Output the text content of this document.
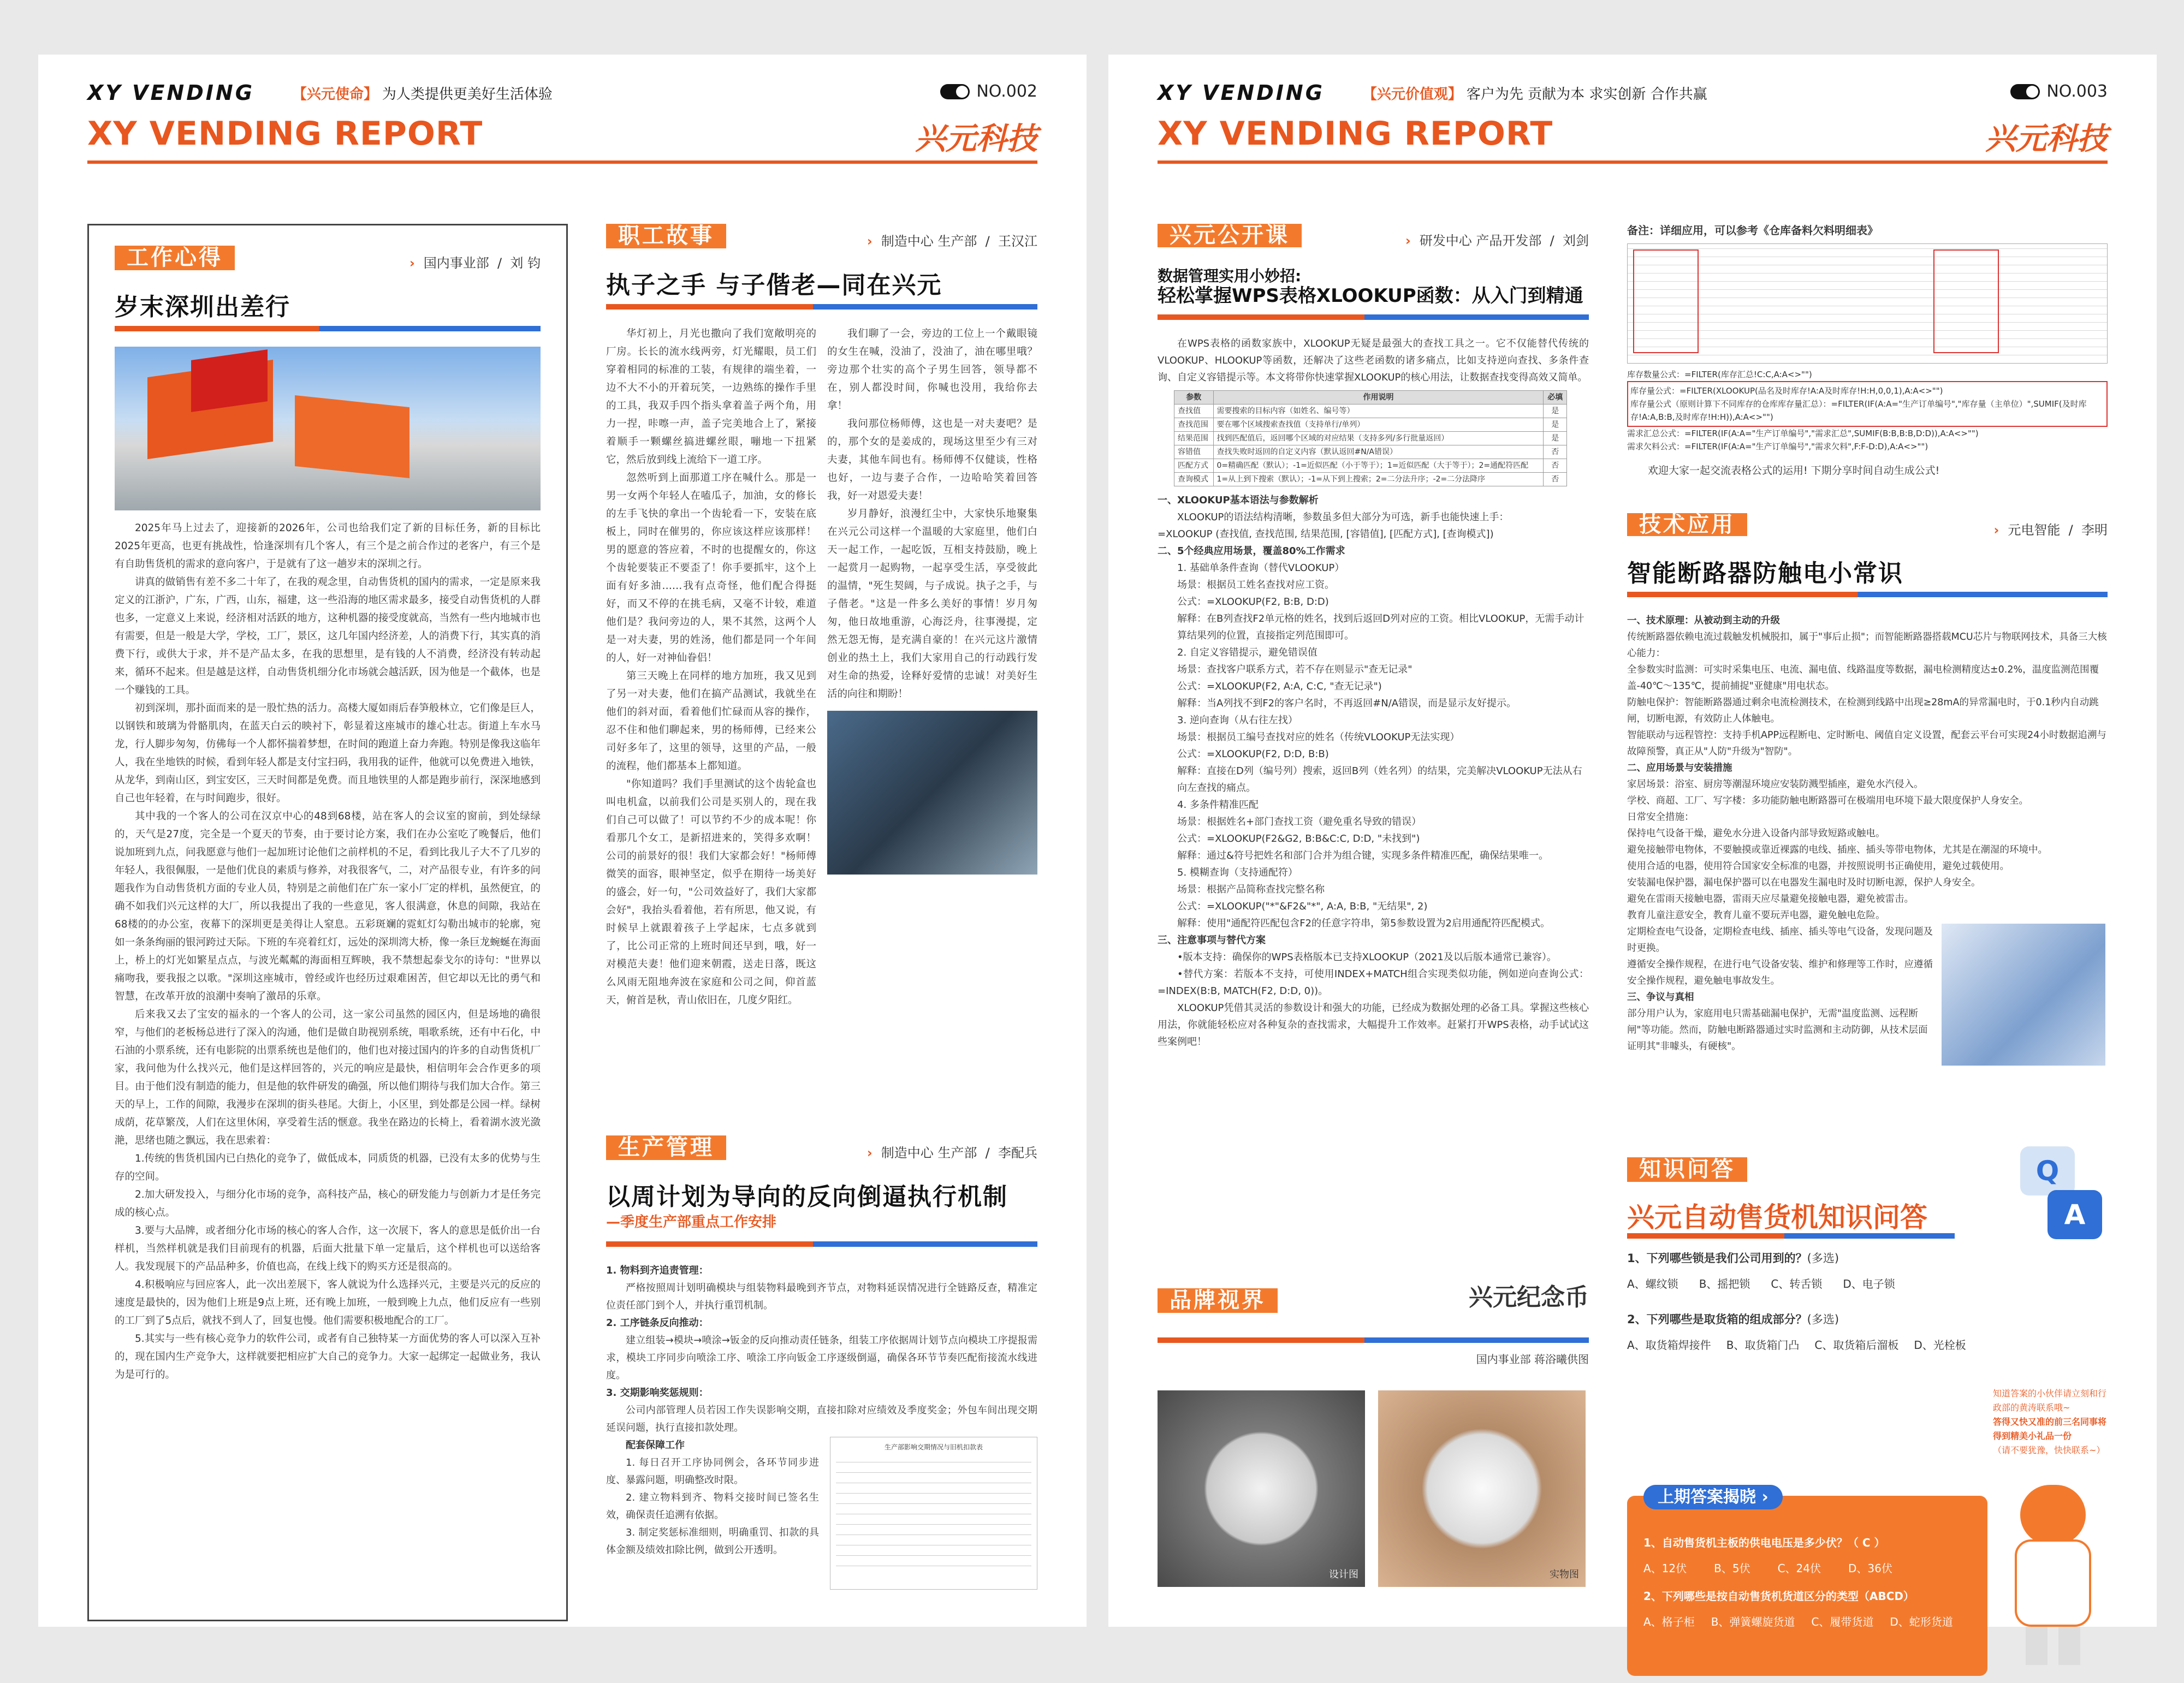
XY VENDING	【兴元使命】 为人类提供更美好生活体验	NO.002
XY VENDING REPORT	兴元科技
工作心得	› 国内事业部  /  刘 钧
岁末深圳出差行

2025年马上过去了，迎接新的2026年，公司也给我们定了新的目标任务，新的目标比2025年更高，也更有挑战性，恰逢深圳有几个客人，有三个是之前合作过的老客户，有三个是有自助售货机的需求的意向客户，于是就有了这一趟岁末的深圳之行。

讲真的做销售有差不多二十年了，在我的观念里，自动售货机的国内的需求，一定是原来我定义的江浙沪，广东，广西，山东，福建，这一些沿海的地区需求最多，接受自动售货机的人群也多，一定意义上来说，经济相对活跃的地方，这种机器的接受度就高，当然有一些内地城市也有需要，但是一般是大学，学校，工厂，景区，这几年国内经济差，人的消费下行，其实真的消费下行，或供大于求，并不是产品太多，在我的思想里，是有钱的人不消费，经济没有转动起来，循环不起来。但是越是这样，自动售货机细分化市场就会越活跃，因为他是一个截体，也是一个赚钱的工具。

初到深圳，那扑面而来的是一股忙热的活力。高楼大厦如雨后春笋般林立，它们像是巨人，以钢铁和玻璃为骨骼肌肉，在蓝天白云的映衬下，彰显着这座城市的雄心壮志。街道上车水马龙，行人脚步匆匆，仿佛每一个人都怀揣着梦想，在时间的跑道上奋力奔跑。特别是像我这临年人，我在坐地铁的时候，看到年轻人都是支付宝扫码，我用我的证件，他就可以免费进入地铁，从龙华，到南山区，到宝安区，三天时间都是免费。而且地铁里的人都是跑步前行，深深地感到自己也年轻着，在与时间跑步，很好。

其中我的一个客人的公司在汉京中心的48到68楼，站在客人的会议室的窗前，到处绿绿的，天气是27度，完全是一个夏天的节奏，由于要讨论方案，我们在办公室吃了晚餐后，他们说加班到九点，问我愿意与他们一起加班讨论他们之前样机的不足，看到比我儿子大不了几岁的年轻人，我很佩服，一是他们优良的素质与修养，对我很客气，二，对产品很专业，有许多的问题我作为自动售货机方面的专业人员，特别是之前他们在广东一家小厂定的样机，虽然便宜，的确不如我们兴元这样的大厂，所以我提出了我的一些意见，客人很满意，休息的间隙，我站在68楼的的办公室，夜幕下的深圳更是美得让人窒息。五彩斑斓的霓虹灯勾勒出城市的轮廓，宛如一条条绚丽的银河跨过天际。下班的车亮着红灯，远处的深圳湾大桥，像一条巨龙蜿蜒在海面上，桥上的灯光如繁星点点，与波光粼粼的海面相互辉映，我不禁想起泰戈尔的诗句："世界以痛吻我，要我报之以歌。"深圳这座城市，曾经或许也经历过艰难困苦，但它却以无比的勇气和智慧，在改革开放的浪潮中奏响了激昂的乐章。

后来我又去了宝安的福永的一个客人的公司，这一家公司虽然的园区内，但是场地的确很窄，与他们的老板杨总进行了深入的沟通，他们是做自助视别系统，唱歌系统，还有中石化，中石油的小票系统，还有电影院的出票系统也是他们的，他们也对接过国内的许多的自动售货机厂家，我问他为什么找兴元，他们是这样回答的，兴元的响应是最快，相信明年会合作更多的项目。由于他们没有制造的能力，但是他的软件研发的确强，所以他们期待与我们加大合作。第三天的早上，工作的间隙，我漫步在深圳的街头巷尾。大街上，小区里，到处都是公园一样。绿树成荫，花草繁茂，人们在这里休闲，享受着生活的惬意。我坐在路边的长椅上，看着湖水波光潋滟，思绪也随之飘远，我在思索着：

1.传统的售货机国内已白热化的竞争了，做低成本，同质货的机器，已没有太多的优势与生存的空间。

2.加大研发投入，与细分化市场的竞争，高科技产品，核心的研发能力与创新力才是任务完成的核心点。

3.要与大品牌，或者细分化市场的核心的客人合作，这一次展下，客人的意思是低价出一台样机，当然样机就是我们目前现有的机器，后面大批量下单一定量后，这个样机也可以送给客人。我发现展下的产品品种多，价值也高，在线上线下的购买方还是很高的。

4.积极响应与回应客人，此一次出差展下，客人就说为什么选择兴元，主要是兴元的反应的速度是最快的，因为他们上班是9点上班，还有晚上加班，一般到晚上九点，他们反应有一些别的工厂到了5点后，就找不到人了，回复也慢。他们需要积极地配合的工厂。

5.其实与一些有核心竞争力的软件公司，或者有自己独特某一方面优势的客人可以深入互补的，现在国内生产竞争大，这样就要把相应扩大自己的竞争力。大家一起绑定一起做业务，我认为是可行的。

职工故事	› 制造中心 生产部  /  王汉江
执子之手 与子偕老—同在兴元

华灯初上，月光也撒向了我们宽敞明亮的厂房。长长的流水线两旁，灯光耀眼，员工们穿着相同的标准的工装，有规律的端坐着，一边不大不小的开着玩笑，一边熟练的操作手里的工具，我双手四个指头拿着盖子两个角，用力一捏，咔嚓一声，盖子完美地合上了，紧接着顺手一颗螺丝搞进螺丝眼，嘣地一下扭紧它，然后放到线上流给下一道工序。

忽然听到上面那道工序在喊什么。那是一男一女两个年轻人在嗑瓜子，加油，女的修长的左手飞快的拿出一个齿轮看一下，安装在底板上，同时在催男的，你应该这样应该那样！男的愿意的答应着，不时的也提醒女的，你这个齿轮要装正不要歪了！你手要抓牢，这个上面有好多油……我有点奇怪，他们配合得挺好，而又不停的在挑毛病，又毫不计较，难道他们是？我问旁边的人，果不其然，这两个人是一对夫妻，男的姓汤，他们都是同一个年间的人，好一对神仙眷侣！

第三天晚上在同样的地方加班，我又见到了另一对夫妻，他们在搞产品测试，我就坐在他们的斜对面，看着他们忙碌而从容的操作，忍不住和他们聊起来，男的杨师傅，已经来公司好多年了，这里的领导，这里的产品，一般的流程，他们都基本上都知道。

"你知道吗？我们手里测试的这个齿轮盒也叫电机盒，以前我们公司是买别人的，现在我们自己可以做了！可以节约不少的成本呢！你看那几个女工，是新招进来的，笑得多欢啊！公司的前景好的很！我们大家都会好！"杨师傅微笑的面容，眼神坚定，似乎在期待一场美好的盛会，好一句，"公司效益好了，我们大家都会好"，我抬头看着他，若有所思，他又说，有时候早上就跟着孩子上学起床，七点多就到了，比公司正常的上班时间还早到，哦，好一对模范夫妻！他们迎来朝霞，送走日落，既这么风雨无阻地奔波在家庭和公司之间，仰首蓝天，俯首是秋，青山依旧在，几度夕阳红。

我们聊了一会，旁边的工位上一个戴眼镜的女生在喊，没油了，没油了，油在哪里哦？旁边那个壮实的高个子男生回答，领导都不在，别人都没时间，你喊也没用，我给你去拿！

我问那位杨师傅，这也是一对夫妻吧？是的，那个女的是姜成的，现场这里至少有三对夫妻，其他车间也有。杨师傅不仅健谈，性格也好，一边与妻子合作，一边哈哈笑着回答我，好一对恩爱夫妻！

岁月静好，浪漫红尘中，大家快乐地聚集在兴元公司这样一个温暖的大家庭里，他们白天一起工作，一起吃饭，互相支持鼓励，晚上一起赏月一起购物，一起享受生活，享受彼此的温情，"死生契阔，与子成说。执子之手，与子偕老。"这是一件多么美好的事情！岁月匆匆，他日故地重游，心海泛舟，往事漫提，定然无怨无悔，是充满自豪的！在兴元这片激情创业的热土上，我们大家用自己的行动践行发对生命的热爱，诠释好爱情的忠诚！对美好生活的向往和期盼！

生产管理	› 制造中心 生产部  /  李配兵
以周计划为导向的反向倒逼执行机制
—季度生产部重点工作安排
1. 物料到齐追责管理：

严格按照周计划明确模块与组装物料最晚到齐节点，对物料延误情况进行全链路反查，精准定位责任部门到个人，并执行重罚机制。

2. 工序链条反向推动：

建立组装→模块→喷涂→钣金的反向推动责任链条，组装工序依据周计划节点向模块工序提报需求，模块工序同步向喷涂工序、喷涂工序向钣金工序逐级倒逼，确保各环节节奏匹配衔接流水线进度。

3. 交期影响奖惩规则：

公司内部管理人员若因工作失误影响交期，直接扣除对应绩效及季度奖金；外包车间出现交期延误问题，执行直接扣款处理。

配套保障工作

1. 每日召开工序协同例会，各环节同步进度、暴露问题，明确整改时限。

2. 建立物料到齐、物料交接时间已签名生效，确保责任追溯有依据。

3. 制定奖惩标准细则，明确重罚、扣款的具体金额及绩效扣除比例，做到公开透明。

生产部影响交期情况与旧机扣款表
XY VENDING	【兴元价值观】 客户为先 贡献为本 求实创新 合作共赢	NO.003
XY VENDING REPORT	兴元科技
兴元公开课	› 研发中心 产品开发部  /  刘剑
数据管理实用小妙招:
轻松掌握WPS表格XLOOKUP函数：从入门到精通

在WPS表格的函数家族中，XLOOKUP无疑是最强大的查找工具之一。它不仅能替代传统的VLOOKUP、HLOOKUP等函数，还解决了这些老函数的诸多痛点，比如支持逆向查找、多条件查询、自定义容错提示等。本文将带你快速掌握XLOOKUP的核心用法，让数据查找变得高效又简单。

参数	作用说明	必填
查找值	需要搜索的目标内容（如姓名、编号等）	是
查找范围	要在哪个区域搜索查找值（支持单行/单列）	是
结果范围	找到匹配值后，返回哪个区域的对应结果（支持多列/多行批量返回）	是
容错值	查找失败时返回的自定义内容（默认返回#N/A错误）	否
匹配方式	0=精确匹配（默认）；-1=近似匹配（小于等于）；1=近似匹配（大于等于）；2=通配符匹配	否
查询模式	1=从上到下搜索（默认）；-1=从下到上搜索；2=二分法升序；-2=二分法降序	否
一、XLOOKUP基本语法与参数解析

XLOOKUP的语法结构清晰，参数虽多但大部分为可选，新手也能快速上手：

=XLOOKUP (查找值, 查找范围, 结果范围, [容错值], [匹配方式], [查询模式])
二、5个经典应用场景，覆盖80%工作需求
1. 基础单条件查询（替代VLOOKUP）
场景：根据员工姓名查找对应工资。
公式：=XLOOKUP(F2, B:B, D:D)
解释：在B列查找F2单元格的姓名，找到后返回D列对应的工资。相比VLOOKUP，无需手动计算结果列的位置，直接指定列范围即可。
2. 自定义容错提示，避免错误值
场景：查找客户联系方式，若不存在则显示"查无记录"
公式：=XLOOKUP(F2, A:A, C:C, "查无记录")
解释：当A列找不到F2的客户名时，不再返回#N/A错误，而是显示友好提示。
3. 逆向查询（从右往左找）
场景：根据员工编号查找对应的姓名（传统VLOOKUP无法实现）
公式：=XLOOKUP(F2, D:D, B:B)
解释：直接在D列（编号列）搜索，返回B列（姓名列）的结果，完美解决VLOOKUP无法从右向左查找的痛点。
4. 多条件精准匹配
场景：根据姓名+部门查找工资（避免重名导致的错误）
公式：=XLOOKUP(F2&G2, B:B&C:C, D:D, "未找到")
解释：通过&符号把姓名和部门合并为组合键，实现多条件精准匹配，确保结果唯一。
5. 模糊查询（支持通配符）
场景：根据产品简称查找完整名称
公式：=XLOOKUP("*"&F2&"*", A:A, B:B, "无结果", 2)
解释：使用"通配符匹配包含F2的任意字符串，第5参数设置为2启用通配符匹配模式。
三、注意事项与替代方案

•版本支持：确保你的WPS表格版本已支持XLOOKUP（2021及以后版本通常已兼容）。

•替代方案：若版本不支持，可使用INDEX+MATCH组合实现类似功能，例如逆向查询公式：=INDEX(B:B, MATCH(F2, D:D, 0))。

XLOOKUP凭借其灵活的参数设计和强大的功能，已经成为数据处理的必备工具。掌握这些核心用法，你就能轻松应对各种复杂的查找需求，大幅提升工作效率。赶紧打开WPS表格，动手试试这些案例吧！

备注：详细应用，可以参考《仓库备料欠料明细表》
库存数量公式：=FILTER(库存汇总!C:C,A:A<>"")
库存量公式：=FILTER(XLOOKUP(品名及时库存!A:A及时库存!H:H,0,0,1),A:A<>"")
库存量公式（原则计算下不同库存的仓库库存量汇总）：=FILTER(IF(A:A="生产订单编号","库存量（主单位）",SUMIF(及时库存!A:A,B:B,及时库存!H:H)),A:A<>"")
需求汇总公式：=FILTER(IF(A:A="生产订单编号","需求汇总",SUMIF(B:B,B:B,D:D)),A:A<>"")
需求欠料公式：=FILTER(IF(A:A="生产订单编号","需求欠料",F:F-D:D),A:A<>"")
欢迎大家一起交流表格公式的运用! 下期分享时间自动生成公式!
技术应用	› 元电智能  /  李明
智能断路器防触电小常识
一、技术原理：从被动到主动的升级
传统断路器依赖电流过载触发机械脱扣，属于"事后止损"；而智能断路器搭载MCU芯片与物联网技术，具备三大核心能力：
全参数实时监测：可实时采集电压、电流、漏电值、线路温度等数据，漏电检测精度达±0.2%，温度监测范围覆盖-40℃～135℃，提前捕捉"亚健康"用电状态。
防触电保护：智能断路器通过剩余电流检测技术，在检测到线路中出现≥28mA的异常漏电时，于0.1秒内自动跳闸，切断电源，有效防止人体触电。
智能联动与远程管控：支持手机APP远程断电、定时断电、阈值自定义设置，配套云平台可实现24小时数据追溯与故障预警，真正从"人防"升级为"智防"。
二、应用场景与安装措施
家居场景：浴室、厨房等潮湿环境应安装防溅型插座，避免水汽侵入。
学校、商超、工厂、写字楼：多功能防触电断路器可在极端用电环境下最大限度保护人身安全。
日常安全措施：
保持电气设备干燥，避免水分进入设备内部导致短路或触电。
避免接触带电物体，不要触摸或靠近裸露的电线、插座、插头等带电物体，尤其是在潮湿的环境中。
使用合适的电器，使用符合国家安全标准的电器，并按照说明书正确使用，避免过载使用。
安装漏电保护器，漏电保护器可以在电器发生漏电时及时切断电源，保护人身安全。
避免在雷雨天接触电器，雷雨天应尽量避免接触电器，避免被雷击。
教育儿童注意安全，教育儿童不要玩弄电器，避免触电危险。
定期检查电气设备，定期检查电线、插座、插头等电气设备，发现问题及时更换。
遵循安全操作规程，在进行电气设备安装、维护和修理等工作时，应遵循安全操作规程，避免触电事故发生。
三、争议与真相
部分用户认为，家庭用电只需基础漏电保护，无需"温度监测、远程断闸"等功能。然而，防触电断路器通过实时监测和主动防御，从技术层面证明其"非噱头，有硬核"。
品牌视界	兴元纪念币
国内事业部 蒋浴曦供图
设计图	实物图
知识问答	Q
A
兴元自动售货机知识问答
1、下列哪些锁是我们公司用到的？(多选)
A、螺纹锁 B、摇把锁 C、转舌锁 D、电子锁
2、下列哪些是取货箱的组成部分？(多选)
A、取货箱焊接件 B、取货箱门凸 C、取货箱后溜板 D、光栓板
知道答案的小伙伴请立刻和行政部的黄涛联系哦~
答得又快又准的前三名同事将得到精美小礼品一份
（请不要犹豫，快快联系~）
1、自动售货机主板的供电电压是多少伏？（ C ）
A、12伏	B、5伏	C、24伏	D、36伏
2、下列哪些是按自动售货机货道区分的类型（ABCD）
A、格子柜 B、弹簧螺旋货道 C、履带货道 D、蛇形货道
上期答案揭晓 ›
